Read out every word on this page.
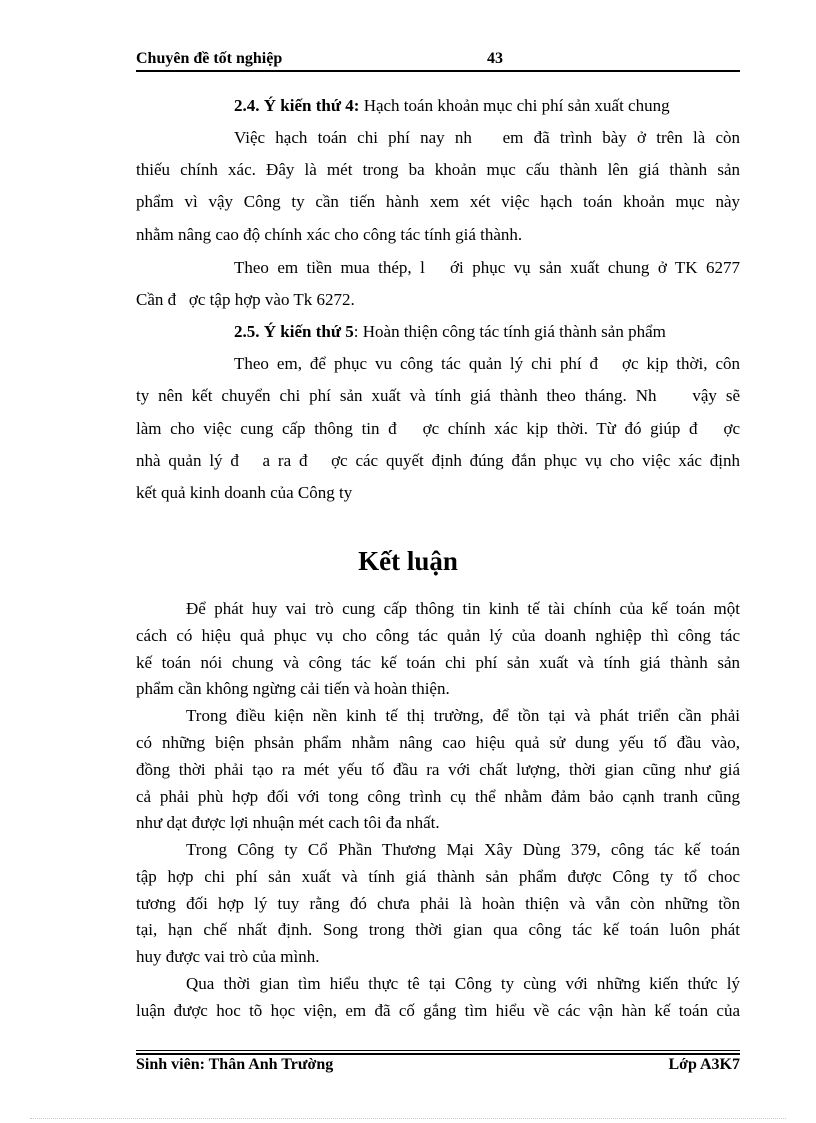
Chuyên đề tốt nghiệp	43
2.4. Ý kiến thứ 4: Hạch toán khoản mục chi phí sản xuất chung
Việc hạch toán chi phí nay nh   em đã trình bày ở trên là còn
thiếu chính xác. Đây là mét trong ba khoản mục cấu thành lên giá thành sản
phẩm vì vậy Công ty cần tiến hành xem xét việc hạch toán khoản mục này
nhằm nâng cao độ chính xác cho công tác tính giá thành.
Theo em tiền mua thép, l   ới phục vụ sản xuất chung ở TK 6277
Cần đ   ợc tập hợp vào Tk 6272.
2.5. Ý kiến thứ 5: Hoàn thiện công tác tính giá thành sản phẩm
Theo em, để phục vu công tác quản lý chi phí đ   ợc kịp thời, côn
ty nên kết chuyển chi phí sản xuất và tính giá thành theo tháng. Nh    vậy sẽ
làm cho việc cung cấp thông tin đ   ợc chính xác kịp thời. Từ đó giúp đ   ợc
nhà quản lý đ   a ra đ   ợc các quyết định đúng đắn phục vụ cho việc xác định
kết quả kinh doanh của Công ty
Kết luận
Để phát huy vai trò cung cấp thông tin kinh tế tài chính của kế toán một
cách có hiệu quả phục vụ cho công tác quản lý của doanh nghiệp thì công tác
kế toán nói chung và công tác kế toán chi phí sản xuất và tính giá thành sản
phẩm cần không ngừng cải tiến và hoàn thiện.
Trong điều kiện nền kinh tế thị trường, để tồn tại và phát triển cần phải
có những biện phsản phẩm nhằm nâng cao hiệu quả sử dung yếu tố đầu vào,
đồng thời phải tạo ra mét yếu tố đầu ra với chất lượng, thời gian cũng như giá
cả phải phù hợp đối với tong công trình cụ thể nhằm đảm bảo cạnh tranh cũng
như dạt được lợi nhuận mét cach tôi đa nhất.
Trong Công ty Cổ Phần Thương Mại Xây Dùng 379, công tác kế toán
tập hợp chi phí sản xuất và tính giá thành sản phẩm được Công ty tổ choc
tương đối hợp lý tuy rằng đó chưa phải là hoàn thiện và vẫn còn những tồn
tại, hạn chế nhất định. Song trong thời gian qua công tác kế toán luôn phát
huy được vai trò của mình.
Qua thời gian tìm hiểu thực tê tại Công ty cùng với những kiến thức lý
luận được hoc tõ học viện, em đã cố gắng tìm hiểu về các vận hàn kế toán của
Sinh viên: Thân Anh Trường	Lớp A3K7
